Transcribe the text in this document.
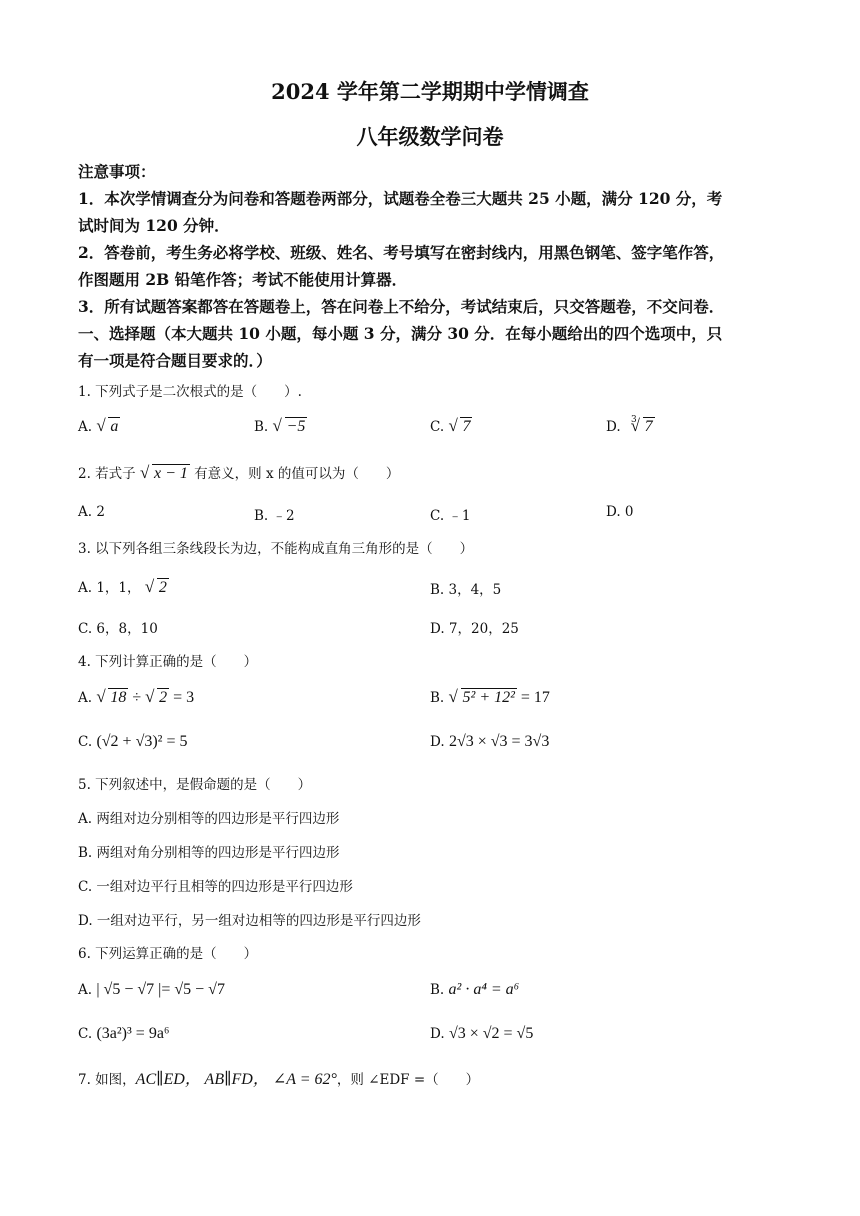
2024 学年第二学期期中学情调查
八年级数学问卷
注意事项：
1．本次学情调查分为问卷和答题卷两部分，试题卷全卷三大题共 25 小题，满分 120 分，考
试时间为 120 分钟．
2．答卷前，考生务必将学校、班级、姓名、考号填写在密封线内，用黑色钢笔、签字笔作答，
作图题用 2B 铅笔作答；考试不能使用计算器．
3．所有试题答案都答在答题卷上，答在问卷上不给分，考试结束后，只交答题卷，不交问卷．
一、选择题（本大题共 10 小题，每小题 3 分，满分 30 分．在每小题给出的四个选项中，只
有一项是符合题目要求的．）
1. 下列式子是二次根式的是（　　）.
A. √ a	B. √ −5	C. √ 7	D. $^3$ √ 7
2. 若式子 √ x − 1 有意义，则 x 的值可以为（　　）
A. 2	B. ﹣2	C. ﹣1	D. 0
3. 以下列各组三条线段长为边，不能构成直角三角形的是（　　）
A. 1，1， √ 2	B. 3，4，5
C. 6，8，10	D. 7，20，25
4. 下列计算正确的是（　　）
A. √ 18 ÷ √ 2 = 3	B. √ 5² + 12² = 17
C. (√2 + √3)² = 5	D. 2√3 × √3 = 3√3
5. 下列叙述中，是假命题的是（　　）
A. 两组对边分别相等的四边形是平行四边形
B. 两组对角分别相等的四边形是平行四边形
C. 一组对边平行且相等的四边形是平行四边形
D. 一组对边平行，另一组对边相等的四边形是平行四边形
6. 下列运算正确的是（　　）
A. | √5 − √7 |= √5 − √7	B. a² · a⁴ = a⁶
C. (3a²)³ = 9a⁶	D. √3 × √2 = √5
7. 如图，AC∥ED， AB∥FD， ∠A = 62°，则 ∠EDF =（　　）
